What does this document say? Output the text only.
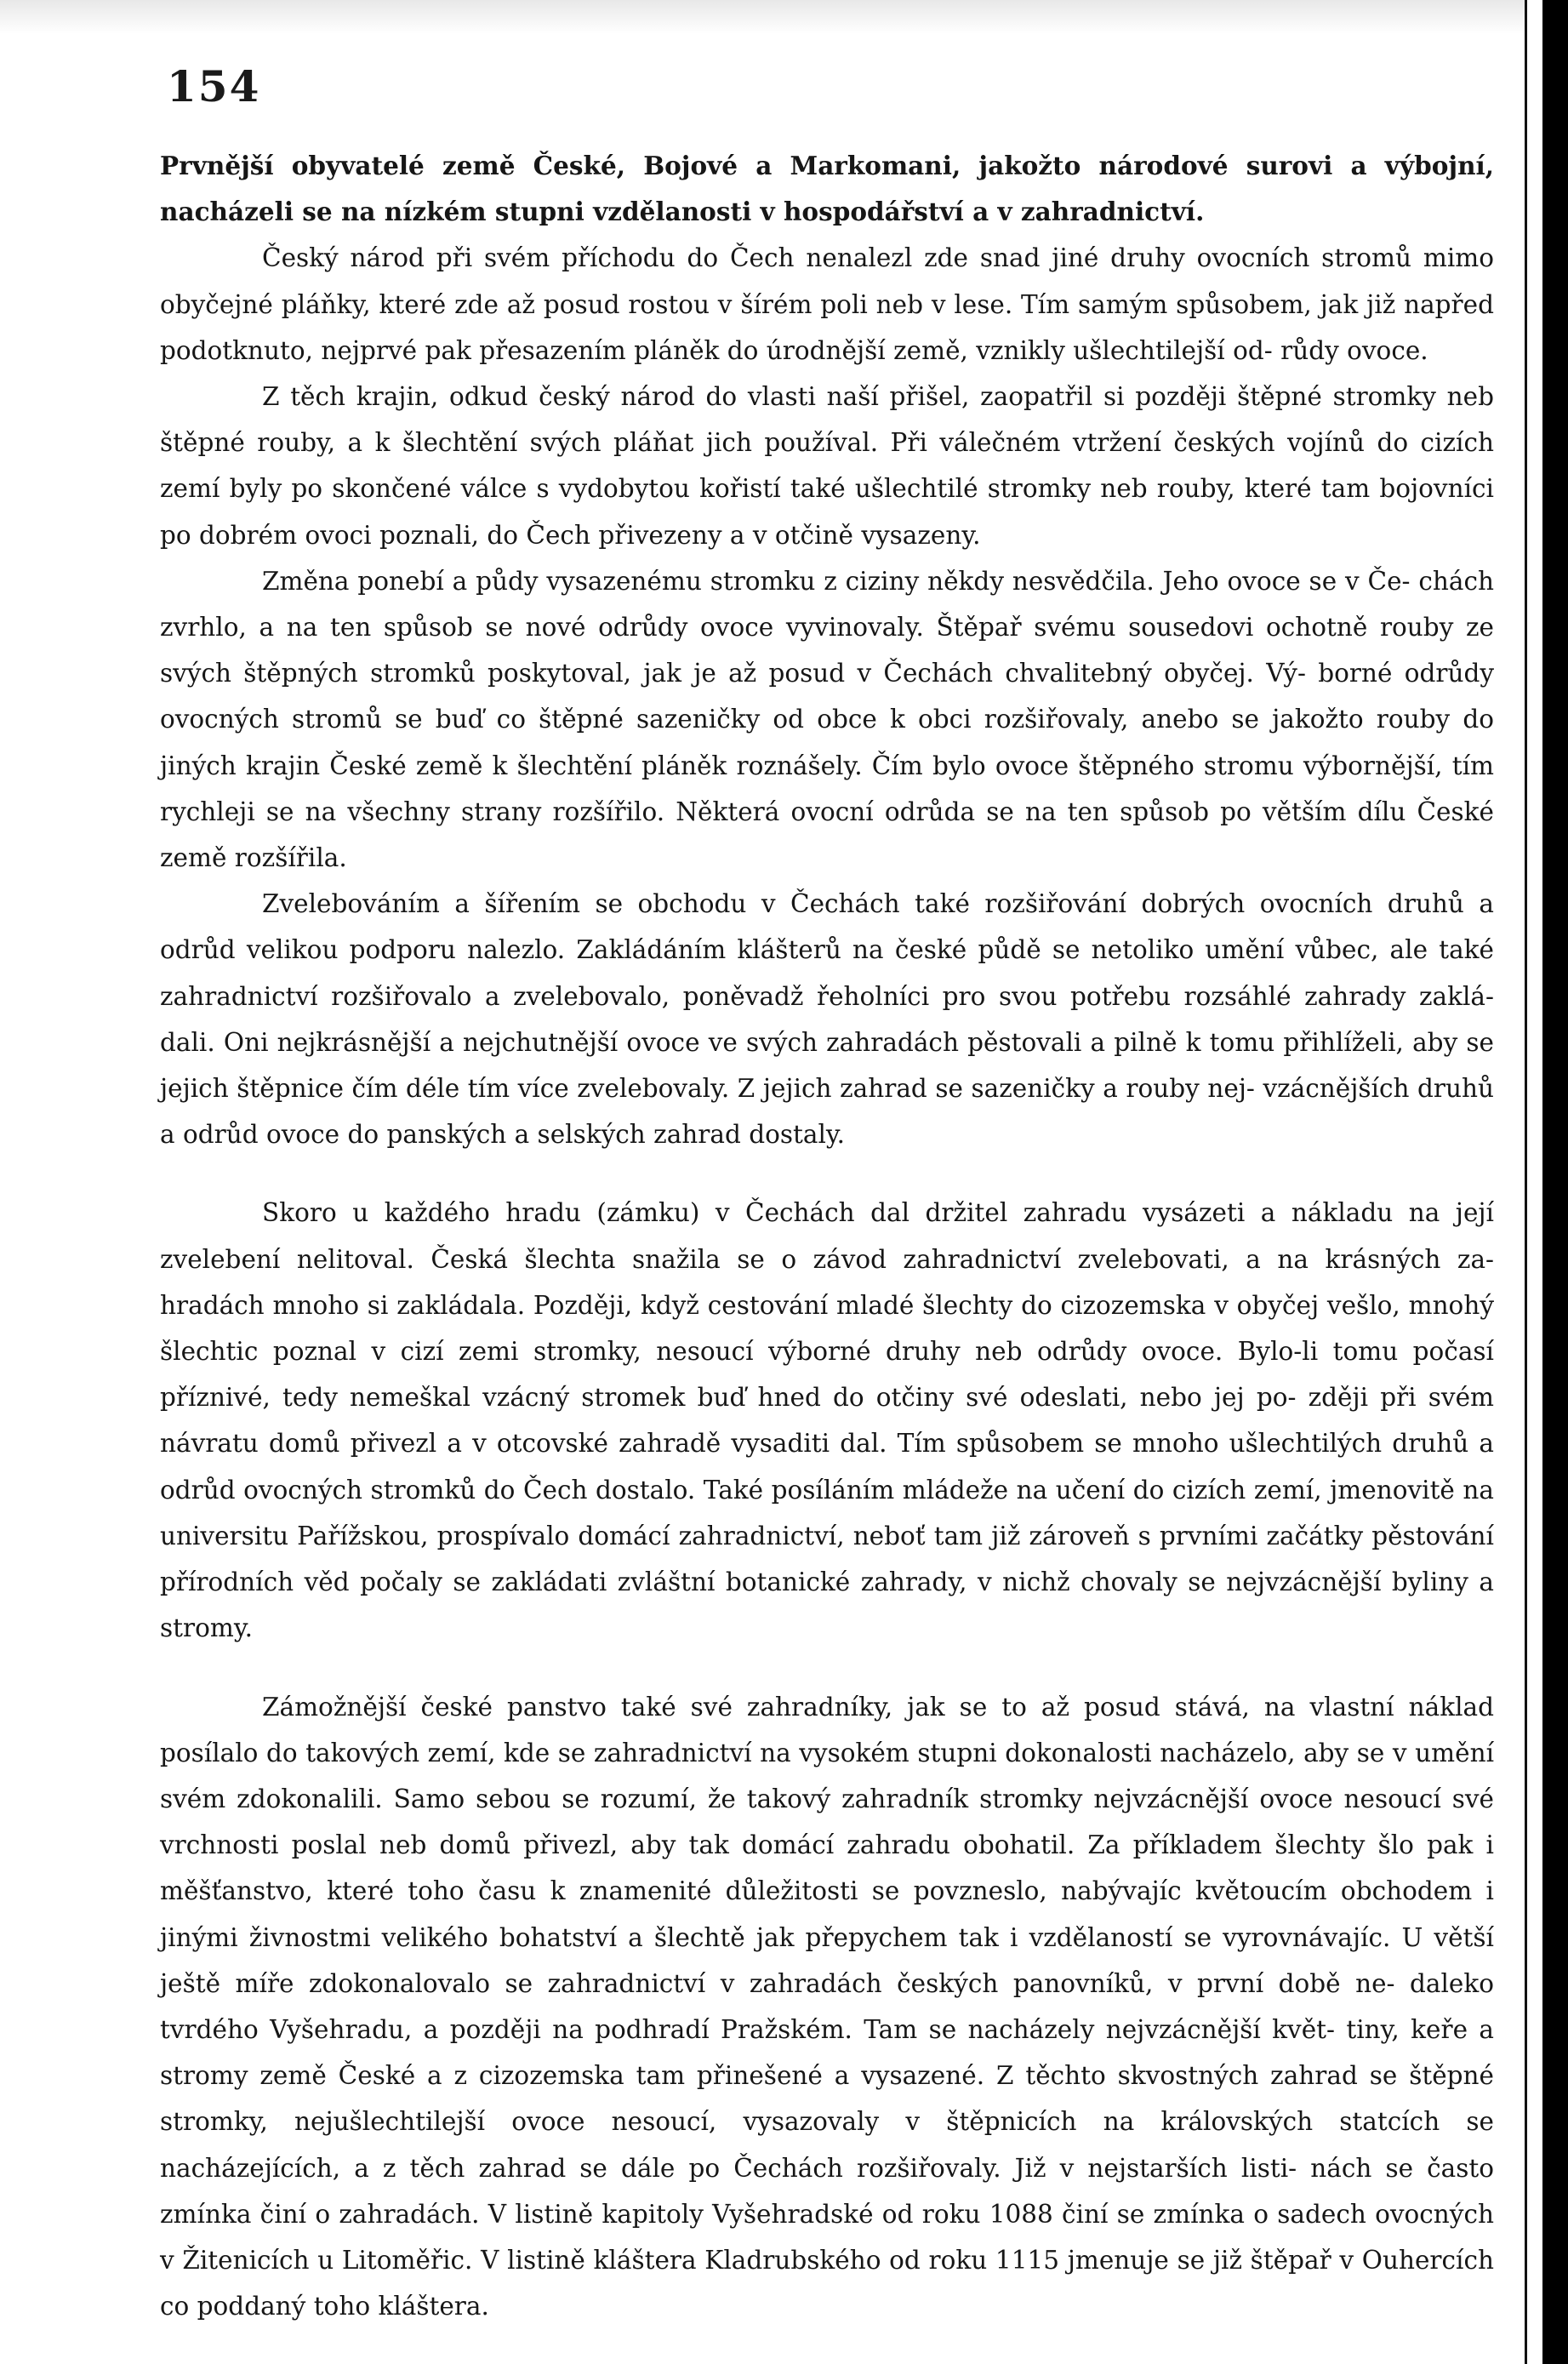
154

Prvnější obyvatelé země České, Bojové a Markomani, jakožto národové surovi a výbojní, nacházeli se na nízkém stupni vzdělanosti v hospodářství a v zahradnictví.

Český národ při svém příchodu do Čech nenalezl zde snad jiné druhy ovocních stromů mimo obyčejné pláňky, které zde až posud rostou v šírém poli neb v lese. Tím samým spůsobem, jak již napřed podotknuto, nejprvé pak přesazením pláněk do úrodnější země, vznikly ušlechtilejší od- růdy ovoce.

Z těch krajin, odkud český národ do vlasti naší přišel, zaopatřil si později štěpné stromky neb štěpné rouby, a k šlechtění svých pláňat jich používal. Při válečném vtržení českých vojínů do cizích zemí byly po skončené válce s vydobytou kořistí také ušlechtilé stromky neb rouby, které tam bojovníci po dobrém ovoci poznali, do Čech přivezeny a v otčině vysazeny.

Změna ponebí a půdy vysazenému stromku z ciziny někdy nesvědčila. Jeho ovoce se v Če- chách zvrhlo, a na ten spůsob se nové odrůdy ovoce vyvinovaly. Štěpař svému sousedovi ochotně rouby ze svých štěpných stromků poskytoval, jak je až posud v Čechách chvalitebný obyčej. Vý- borné odrůdy ovocných stromů se buď co štěpné sazeničky od obce k obci rozšiřovaly, anebo se jakožto rouby do jiných krajin České země k šlechtění pláněk roznášely. Čím bylo ovoce štěpného stromu výbornější, tím rychleji se na všechny strany rozšířilo. Některá ovocní odrůda se na ten spůsob po větším dílu České země rozšířila.

Zvelebováním a šířením se obchodu v Čechách také rozšiřování dobrých ovocních druhů a odrůd velikou podporu nalezlo. Zakládáním klášterů na české půdě se netoliko umění vůbec, ale také zahradnictví rozšiřovalo a zvelebovalo, poněvadž řeholníci pro svou potřebu rozsáhlé zahrady zaklá- dali. Oni nejkrásnější a nejchutnější ovoce ve svých zahradách pěstovali a pilně k tomu přihlíželi, aby se jejich štěpnice čím déle tím více zvelebovaly. Z jejich zahrad se sazeničky a rouby nej- vzácnějších druhů a odrůd ovoce do panských a selských zahrad dostaly.

Skoro u každého hradu (zámku) v Čechách dal držitel zahradu vysázeti a nákladu na její zvelebení nelitoval. Česká šlechta snažila se o závod zahradnictví zvelebovati, a na krásných za- hradách mnoho si zakládala. Později, když cestování mladé šlechty do cizozemska v obyčej vešlo, mnohý šlechtic poznal v cizí zemi stromky, nesoucí výborné druhy neb odrůdy ovoce. Bylo-li tomu počasí příznivé, tedy nemeškal vzácný stromek buď hned do otčiny své odeslati, nebo jej po- zději při svém návratu domů přivezl a v otcovské zahradě vysaditi dal. Tím spůsobem se mnoho ušlechtilých druhů a odrůd ovocných stromků do Čech dostalo. Také posíláním mládeže na učení do cizích zemí, jmenovitě na universitu Pařížskou, prospívalo domácí zahradnictví, neboť tam již zároveň s prvními začátky pěstování přírodních věd počaly se zakládati zvláštní botanické zahrady, v nichž chovaly se nejvzácnější byliny a stromy.

Zámožnější české panstvo také své zahradníky, jak se to až posud stává, na vlastní náklad posílalo do takových zemí, kde se zahradnictví na vysokém stupni dokonalosti nacházelo, aby se v umění svém zdokonalili. Samo sebou se rozumí, že takový zahradník stromky nejvzácnější ovoce nesoucí své vrchnosti poslal neb domů přivezl, aby tak domácí zahradu obohatil. Za příkladem šlechty šlo pak i měšťanstvo, které toho času k znamenité důležitosti se povzneslo, nabývajíc květoucím obchodem i jinými živnostmi velikého bohatství a šlechtě jak přepychem tak i vzdělaností se vyrovnávajíc. U větší ještě míře zdokonalovalo se zahradnictví v zahradách českých panovníků, v první době ne- daleko tvrdého Vyšehradu, a později na podhradí Pražském. Tam se nacházely nejvzácnější květ- tiny, keře a stromy země České a z cizozemska tam přinešené a vysazené. Z těchto skvostných zahrad se štěpné stromky, nejušlechtilejší ovoce nesoucí, vysazovaly v štěpnicích na královských statcích se nacházejících, a z těch zahrad se dále po Čechách rozšiřovaly. Již v nejstarších listi- nách se často zmínka činí o zahradách. V listině kapitoly Vyšehradské od roku 1088 činí se zmínka o sadech ovocných v Žitenicích u Litoměřic. V listině kláštera Kladrubského od roku 1115 jmenuje se již štěpař v Ouhercích co poddaný toho kláštera.
